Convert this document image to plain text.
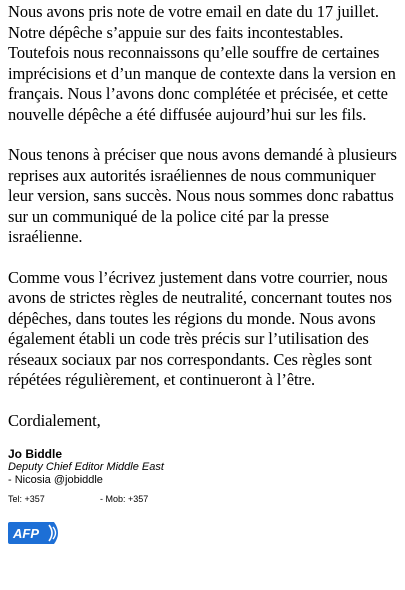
Nous avons pris note de votre email en date du 17 juillet. Notre dépêche s’appuie sur des faits incontestables. Toutefois nous reconnaissons qu’elle souffre de certaines imprécisions et d’un manque de contexte dans la version en français. Nous l’avons donc complétée et précisée, et cette nouvelle dépêche a été diffusée aujourd’hui sur les fils.

Nous tenons à préciser que nous avons demandé à plusieurs reprises aux autorités israéliennes de nous communiquer leur version, sans succès. Nous nous sommes donc rabattus sur un communiqué de la police cité par la presse israélienne.

Comme vous l’écrivez justement dans votre courrier, nous avons de strictes règles de neutralité, concernant toutes nos dépêches, dans toutes les régions du monde. Nous avons également établi un code très précis sur l’utilisation des réseaux sociaux par nos correspondants. Ces règles sont répétées régulièrement, et continueront à l’être.

Cordialement,

Jo Biddle

Deputy Chief Editor Middle East

- Nicosia @jobiddle

Tel: +357	- Mob: +357
AFP
